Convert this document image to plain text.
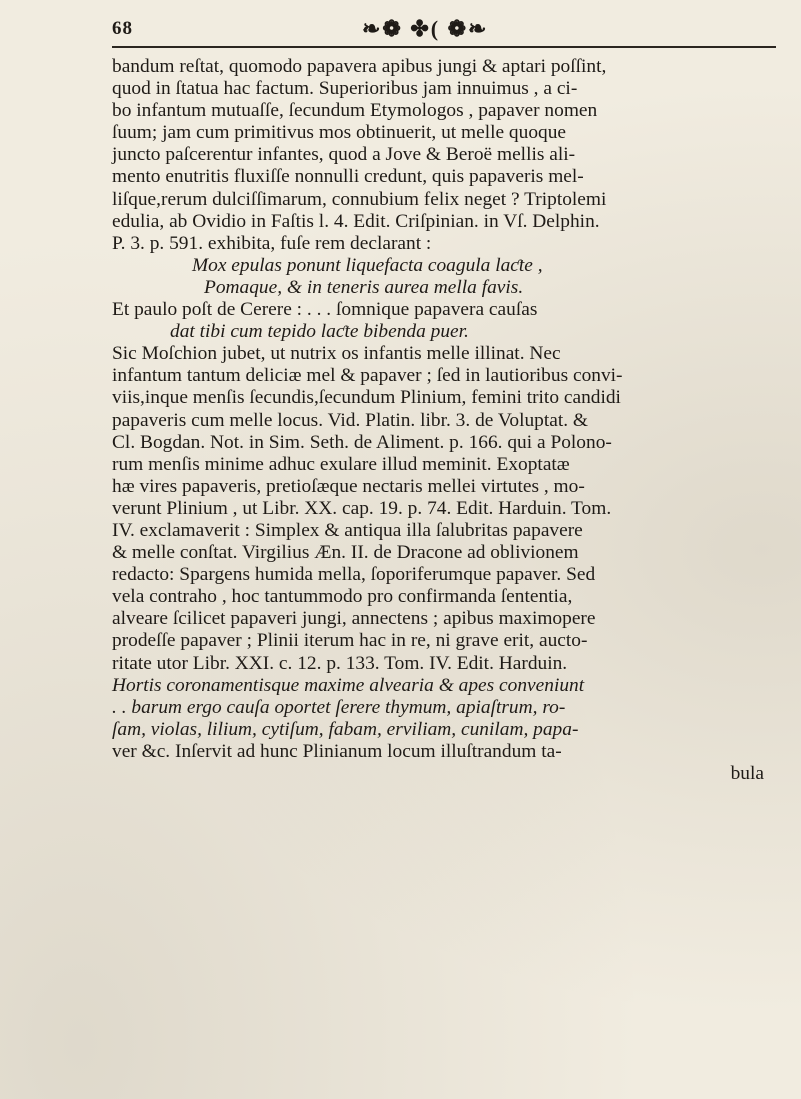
68	❧❁ ✤( ❁❧
bandum reſtat, quomodo papavera apibus jungi & aptari poſſint,
quod in ſtatua hac factum. Superioribus jam innuimus , a ci-
bo infantum mutuaſſe, ſecundum Etymologos , papaver nomen
ſuum; jam cum primitivus mos obtinuerit, ut melle quoque
juncto paſcerentur infantes, quod a Jove & Beroë mellis ali-
mento enutritis fluxiſſe nonnulli credunt, quis papaveris mel-
liſque,rerum dulciſſimarum, connubium felix neget ? Triptolemi
edulia, ab Ovidio in Faſtis l. 4. Edit. Criſpinian. in Vſ. Delphin.
P. 3. p. 591. exhibita, fuſe rem declarant :
Mox epulas ponunt liquefacta coagula laƈte ,
Pomaque, & in teneris aurea mella favis.
Et paulo poſt de Cerere : . . . ſomnique papavera cauſas
dat tibi cum tepido laƈte bibenda puer.
Sic Moſchion jubet, ut nutrix os infantis melle illinat. Nec
infantum tantum deliciæ mel & papaver ; ſed in lautioribus convi-
viis,inque menſis ſecundis,ſecundum Plinium, femini trito candidi
papaveris cum melle locus. Vid. Platin. libr. 3. de Voluptat. &
Cl. Bogdan. Not. in Sim. Seth. de Aliment. p. 166. qui a Polono-
rum menſis minime adhuc exulare illud meminit. Exoptatæ
hæ vires papaveris, pretioſæque nectaris mellei virtutes , mo-
verunt Plinium , ut Libr. XX. cap. 19. p. 74. Edit. Harduin. Tom.
IV. exclamaverit : Simplex & antiqua illa ſalubritas papavere
& melle conſtat. Virgilius Æn. II. de Dracone ad oblivionem
redacto: Spargens humida mella, ſoporiferumque papaver. Sed
vela contraho , hoc tantummodo pro confirmanda ſententia,
alveare ſcilicet papaveri jungi, annectens ; apibus maximopere
prodeſſe papaver ; Plinii iterum hac in re, ni grave erit, aucto-
ritate utor Libr. XXI. c. 12. p. 133. Tom. IV. Edit. Harduin.
Hortis coronamentisque maxime alvearia & apes conveniunt
. . barum ergo cauſa oportet ſerere thymum, apiaſtrum, ro-
ſam, violas, lilium, cytiſum, fabam, erviliam, cunilam, papa-
ver &c. Inſervit ad hunc Plinianum locum illuſtrandum ta-
bula
